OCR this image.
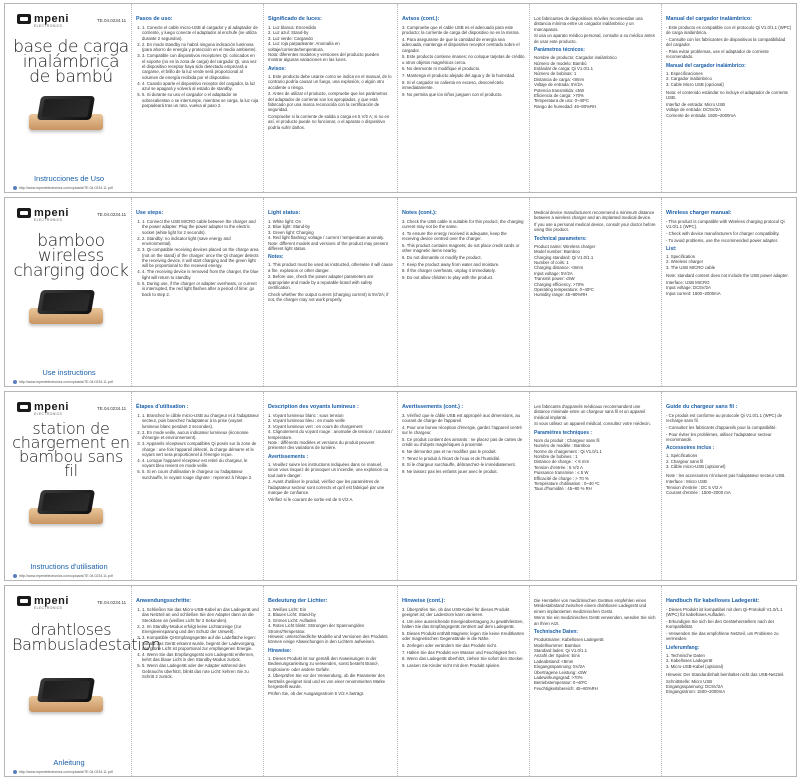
mpeni
ELECTRONICS
TE.04.0234.11
base de carga inalámbrica de bambú
Instrucciones de Uso
http://www.mpenielectronics.com/uploads/TE.04.0234.11.pdf
Pasos de uso:
1. 1. Conecte el cable micro-USB al cargador y al adaptador de corriente, y luego conecte el adaptador al enchufe (se utiliza durante 2 segundos).
2. 2. En modo standby no habrá ninguna indicación luminosa (para ahorro de energía y protección en el medio ambiente).
3. 3. Compatible con dispositivos receptores Qi: colocados en el soporte (no en la zona de carga) del cargador Qi, una vez el dispositivo receptor haya sido detectado empezará a cargarse, el brillo de la luz verde será proporcional al volumen de energía recibida por el dispositivo.
4. 4. Cuando aparte el dispositivo receptor del cargador, la luz azul se apagará y volverá al estado de standby.
5. 5. Si durante su uso el cargador o el adaptador se sobrecalientan o se interrumpe, mientras se carga, la luz roja parpadeará tras un rato, vuelva al paso 2.
Significado de luces:
1. Luz blanca: Encendido
2. Luz azul: Stand-by
3. Luz verde: Cargando
4. Luz roja parpadeante: Anomalía en voltaje/corriente/temperatura.
Nota: diferentes modelos y versiones del producto pueden mostrar algunas variaciones en las luces.
Avisos:

1. Este producto debe usarse como se indica en el manual, de lo contrario podría causar un fuego, una explosión, o algún otro accidente o riesgo.

2. Antes de utilizar el producto, compruebe que los parámetros del adaptador de corriente son los apropiados, y que está fabricado por una marca reconocida con la certificación de seguridad.

Compruebe si la corriente de salida o carga es 5 V/2 A; si no es así, el producto puede no funcionar, o el aparato o dispositivo podría sufrir daños.

Avisos (cont.):

3. Compruebe que el cable USB es el adecuado para este producto; la corriente de carga del dispositivo no es la misma.

4. Para asegurarse de que la cantidad de energía sea adecuada, mantenga el dispositivo receptor centrado sobre el cargador.

5. Este producto contiene imanes; no coloque tarjetas de crédito u otros objetos magnéticos cerca.

6. No desmonte ni modifique el producto.

7. Mantenga el producto alejado del agua y de la humedad.

8. Si el cargador se calienta en exceso, desconéctelo inmediatamente.

9. No permita que los niños jueguen con el producto.

Los fabricantes de dispositivos móviles recomiendan una distancia mínima entre un cargador inalámbrico y un marcapasos.

Si usa un aparato médico personal, consulte a su médico antes de usar este producto.

Parámetros técnicos:
Nombre de producto: Cargador inalámbrico
Número de modelo: Bambú
Estándar de carga: Qi V1.0/1.1
Número de bobinas: 1
Distancia de carga: <8mm
Voltaje de entrada: 5V/2A
Potencia transmitida: ≤5W
Eficiencia de carga: >70%
Temperatura de uso: 0~40ºC
Rango de humedad: 45~80%RH
Manual del cargador inalámbrico:

- Este producto es compatible con el protocolo Qi V1.0/1.1 (WPC) de carga inalámbrica.

- Consulte con los fabricantes de dispositivos la compatibilidad del cargador.

- Para evitar problemas, use el adaptador de corriente recomendado.

Manual del cargador inalámbrico:
1. Especificaciones
2. Cargador inalámbrico
3. Cable Micro USB (opcional)

Nota: el contenido estándar no incluye el adaptador de corriente USB.

Interfaz de entrada: Micro USB
Voltaje de entrada: DC5V/2A
Corriente de entrada: 1500~2000mA
mpeni
ELECTRONICS
TE.04.0234.11
bamboo wireless charging dock
Use instructions
http://www.mpenielectronics.com/uploads/TE.04.0234.11.pdf
Use steps:
1. 1. Connect the USB MICRO cable between the charger and the power adapter. Plug the power adapter to the electric socket (white light for 2 seconds).
2. 2. Standby: no indicator light (save energy and environmental).
3. 3. Qi-compatible receiving devices placed on the charge area (not on the stand) of the charger: once the Qi charger detects the receiving device, it will start charging and the green light will be proportional to the received energy.
4. 4. The receiving device is removed from the charger, the blue light will return to standby.
5. 5. During use, if the charger or adapter overheats, or current is interrupted, the red light flashes after a period of time: go back to step 2.
Light status:
1. White light: On
2. Blue light: Stand-by
3. Green light: Charging
4. Red light flashing: voltage / current / temperature anomaly.
Note: different models and versions of the product may present different light status.
Notes:

1. This product must be used as instructed, otherwise it will cause a fire, explosion or other danger.

2. Before use, check the power adapter parameters are appropriate and made by a reputable brand with safety certification.

Check whether the output current (charging current) is 5V/2A; if not, the charger may not work properly.

Notes (cont.):

3. Check the USB cable is suitable for this product, the charging current may not be the same.

4. To ensure the energy received is adequate, keep the receiving device centred over the charger.

5. This product contains magnets; do not place credit cards or other magnetic items nearby.

6. Do not dismantle or modify the product.

7. Keep the product away from water and moisture.

8. If the charger overheats, unplug it immediately.

9. Do not allow children to play with the product.

Medical device manufacturers recommend a minimum distance between a wireless charger and an implanted medical device.

If you use a personal medical device, consult your doctor before using this product.

Technical parameters:
Product name: Wireless charger
Model number: Bamboo
Charging standard: Qi V1.0/1.1
Number of coils: 1
Charging distance: <8mm
Input voltage: 5V/2A
Transmit power: ≤5W
Charging efficiency: >70%
Operating temperature: 0~40ºC
Humidity range: 45~80%RH
Wireless charger manual:

- This product is compatible with Wireless charging protocol Qi V1.0/1.1 (WPC).

- Check with device manufacturers for charger compatibility.

- To avoid problems, use the recommended power adapter.

List:
1. Specification
2. Wireless charger
3. The USB MICRO cable

Note: standard content does not include the USB power adapter.

Interface: USB MICRO
Input voltage: DC5V/2A
Input current: 1500~2000mA
mpeni
ELECTRONICS
TE.04.0234.11
station de chargement en bambou sans fil
Instructions d'utilisation
http://www.mpenielectronics.com/uploads/TE.04.0234.11.pdf
Étapes d'utilisation :
1. 1. Branchez le câble micro-USB au chargeur et à l'adaptateur secteur, puis branchez l'adaptateur à la prise (voyant lumineux blanc pendant 2 secondes).
2. 2. En mode veille, aucun indicateur lumineux (économie d'énergie et environnement).
3. 3. Appareils récepteurs compatibles Qi posés sur la zone de charge : une fois l'appareil détecté, la charge démarre et le voyant vert sera proportionnel à l'énergie reçue.
4. 4. Lorsque l'appareil récepteur est retiré du chargeur, le voyant bleu revient en mode veille.
5. 5. Si en cours d'utilisation le chargeur ou l'adaptateur surchauffe, le voyant rouge clignote : reprenez à l'étape 2.
Description des voyants lumineux :
1. Voyant lumineux blanc : sous tension
2. Voyant lumineux bleu : en mode veille
3. Voyant lumineux vert : en cours de chargement
4. Clignotement du voyant rouge : anomalie de tension / courant / température.
Note : différents modèles et versions du produit peuvent présenter des variations de lumière.
Avertissements :

1. Veuillez suivre les instructions indiquées dans ce manuel, sinon vous risquez de provoquer un incendie, une explosion ou tout autre danger.

2. Avant d'utiliser le produit, vérifiez que les paramètres de l'adaptateur secteur sont corrects et qu'il est fabriqué par une marque de confiance.

Vérifiez si le courant de sortie est de 5 V/2 A.

Avertissements (cont.) :

3. Vérifiez que le câble USB est approprié aux dimensions, au courant de charge de l'appareil.

4. Pour une bonne réception d'énergie, gardez l'appareil centré sur le chargeur.

5. Ce produit contient des aimants : ne placez pas de cartes de crédit ou d'objets magnétiques à proximité.

6. Ne démontez pas et ne modifiez pas le produit.

7. Tenez le produit à l'écart de l'eau et de l'humidité.

8. Si le chargeur surchauffe, débranchez-le immédiatement.

9. Ne laissez pas les enfants jouer avec le produit.

Les fabricants d'appareils médicaux recommandent une distance minimale entre un chargeur sans fil et un appareil médical implanté.

Si vous utilisez un appareil médical, consultez votre médecin.

Paramètres techniques :
Nom du produit : Chargeur sans fil
Numéro de modèle : Bambou
Norme de chargement : Qi V1.0/1.1
Nombre de bobines : 1
Distance de charge : < 8 mm
Tension d'entrée : 5 V/2 A
Puissance transmise : ≤ 5 W
Efficacité de charge : > 70 %
Température d'utilisation : 0~40 ºC
Taux d'humidité : 45~80 % RH
Guide du chargeur sans fil :

- Ce produit est conforme au protocole Qi V1.0/1.1 (WPC) de recharge sans fil.

- Consultez les fabricants d'appareils pour la compatibilité.

- Pour éviter les problèmes, utilisez l'adaptateur secteur recommandé.

Accessoires inclus :
1. Spécifications
2. Chargeur sans fil
3. Câble micro-USB (optionnel)

Note : les accessoires n'incluent pas l'adaptateur secteur USB.

Interface : Micro USB
Tension d'entrée : DC 5 V/2 A
Courant d'entrée : 1500~2000 mA
mpeni
ELECTRONICS
TE.04.0234.11
drahtloses Bambusladestation
Anleitung
http://www.mpenielectronics.com/uploads/TE.04.0234.11.pdf
Anwendungsschritte:
1. 1. Schließen Sie das Micro-USB-Kabel an das Ladegerät und das Netzteil an und schließen Sie den Adapter dann an die Steckdose an (weißes Licht für 2 Sekunden).
2. 2. Im Standby-Modus erfolgt keine Lichtanzeige (zur Energieeinsparung und den Schutz der Umwelt).
3. 3. Kompatible Qi-Empfangsgeräte auf die Ladefläche legen: Sobald das Gerät erkannt wurde, beginnt der Ladevorgang, das grüne Licht ist proportional zur empfangenen Energie.
4. 4. Wenn Sie das Empfangsgerät vom Ladegerät entfernen, kehrt das blaue Licht in den Standby-Modus zurück.
5. 5. Wenn das Ladegerät oder der Adapter während des Gebrauchs überhitzt, blinkt das rote Licht: kehren Sie zu Schritt 2 zurück.
Bedeutung der Lichter:
1. Weißes Licht: Ein
2. Blaues Licht: Stand-by
3. Grünes Licht: Aufladen
4. Rotes Licht blinkt: Störungen der Spannung/des Stroms/Temperatur.
Hinweis: unterschiedliche Modelle und Versionen des Produkts können einige Abweichungen in den Lichtern aufweisen.
Hinweise:

1. Dieses Produkt ist nur gemäß den Anweisungen in der Bedienungsanleitung zu verwenden, sonst besteht Brand-, Explosions- oder andere Gefahr.

2. Überprüfen Sie vor der Verwendung, ob die Parameter des Netzteils geeignet sind und es von einer renommierten Marke hergestellt wurde.

Prüfen Sie, ob der Ausgangsstrom 5 V/2 A beträgt.

Hinweise (cont.):

3. Überprüfen Sie, ob das USB-Kabel für dieses Produkt geeignet ist; der Ladestrom kann variieren.

4. Um eine ausreichende Energieübertragung zu gewährleisten, halten Sie das Empfangsgerät zentriert auf dem Ladegerät.

5. Dieses Produkt enthält Magnete; legen Sie keine Kreditkarten oder magnetischen Gegenstände in die Nähe.

6. Zerlegen oder verändern Sie das Produkt nicht.

7. Halten Sie das Produkt von Wasser und Feuchtigkeit fern.

8. Wenn das Ladegerät überhitzt, ziehen Sie sofort den Stecker.

9. Lassen Sie Kinder nicht mit dem Produkt spielen.

Die Hersteller von medizinischen Geräten empfehlen einen Mindestabstand zwischen einem drahtlosen Ladegerät und einem implantierten medizinischen Gerät.

Wenn Sie ein medizinisches Gerät verwenden, wenden Sie sich an Ihren Arzt.

Technische Daten:
Produktname: Kabelloses Ladegerät
Modellnummer: Bambus
Standard laden: Qi V1.0/1.1
Anzahl der Spulen: Eins
Ladeabstand: <8mm
Eingangsspannung: 5V/2A
Übertragene Leistung: ≤5W
Ladewirkungsgrad: >70%
Betriebstemperatur: 0~40ºC
Feuchtigkeitsbereich: 45~80%RH
Handbuch für kabelloses Ladegerät:

- Dieses Produkt ist kompatibel mit dem Qi-Protokoll V1.0/1.1 (WPC) für kabelloses Aufladen.

- Erkundigen Sie sich bei den Geräteherstellern nach der Kompatibilität.

- Verwenden Sie das empfohlene Netzteil, um Probleme zu vermeiden.

Lieferumfang:
1. Technische Daten
2. Kabelloses Ladegerät
3. Micro-USB-Kabel (optional)

Hinweis: Der Standardinhalt beinhaltet nicht das USB-Netzteil.

Schnittstelle: Micro USB
Eingangsspannung: DC5V/2A
Eingangsstrom: 1500~2000mA
